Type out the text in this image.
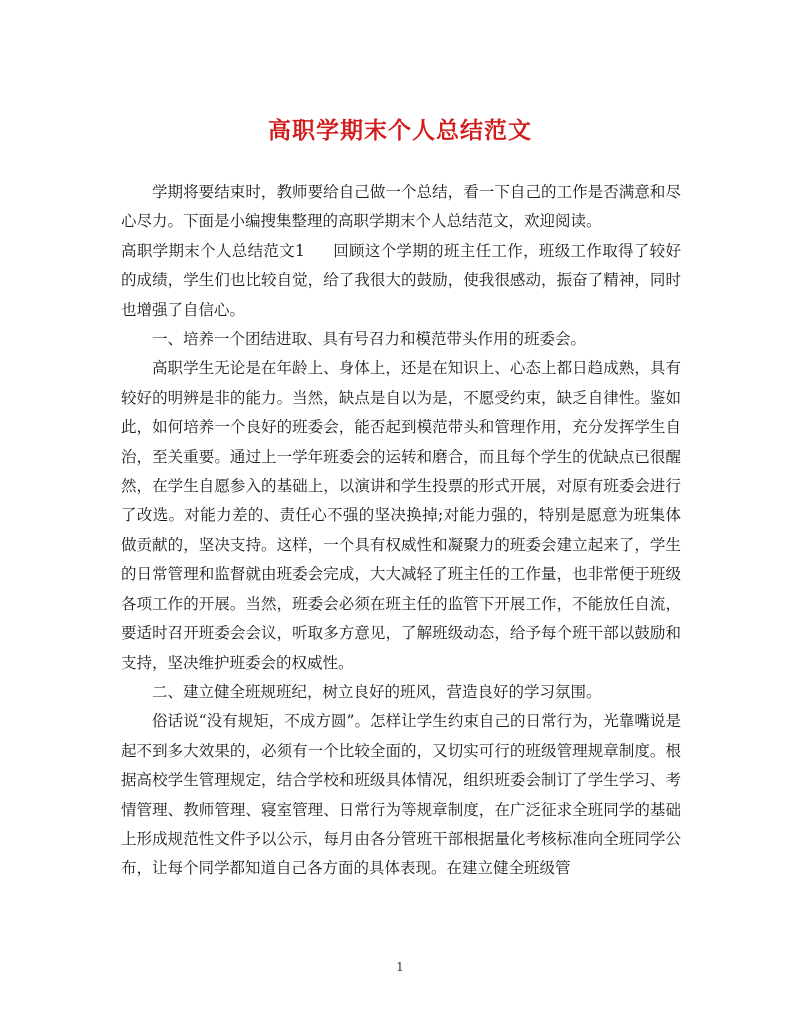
高职学期末个人总结范文

学期将要结束时，教师要给自己做一个总结，看一下自己的工作是否满意和尽心尽力。下面是小编搜集整理的高职学期末个人总结范文，欢迎阅读。

高职学期末个人总结范文1 回顾这个学期的班主任工作，班级工作取得了较好的成绩，学生们也比较自觉，给了我很大的鼓励，使我很感动，振奋了精神，同时也增强了自信心。

一、培养一个团结进取、具有号召力和模范带头作用的班委会。

高职学生无论是在年龄上、身体上，还是在知识上、心态上都日趋成熟，具有较好的明辨是非的能力。当然，缺点是自以为是，不愿受约束，缺乏自律性。鉴如此，如何培养一个良好的班委会，能否起到模范带头和管理作用，充分发挥学生自治，至关重要。通过上一学年班委会的运转和磨合，而且每个学生的优缺点已很醒然，在学生自愿参入的基础上，以演讲和学生投票的形式开展，对原有班委会进行了改选。对能力差的、责任心不强的坚决换掉;对能力强的，特别是愿意为班集体做贡献的，坚决支持。这样，一个具有权威性和凝聚力的班委会建立起来了，学生的日常管理和监督就由班委会完成，大大减轻了班主任的工作量，也非常便于班级各项工作的开展。当然，班委会必须在班主任的监管下开展工作，不能放任自流，要适时召开班委会会议，听取多方意见，了解班级动态，给予每个班干部以鼓励和支持，坚决维护班委会的权威性。

二、建立健全班规班纪，树立良好的班风，营造良好的学习氛围。

俗话说“没有规矩，不成方圆”。怎样让学生约束自己的日常行为，光靠嘴说是起不到多大效果的，必须有一个比较全面的，又切实可行的班级管理规章制度。根据高校学生管理规定，结合学校和班级具体情况，组织班委会制订了学生学习、考情管理、教师管理、寝室管理、日常行为等规章制度，在广泛征求全班同学的基础上形成规范性文件予以公示，每月由各分管班干部根据量化考核标准向全班同学公布，让每个同学都知道自己各方面的具体表现。在建立健全班级管

1
